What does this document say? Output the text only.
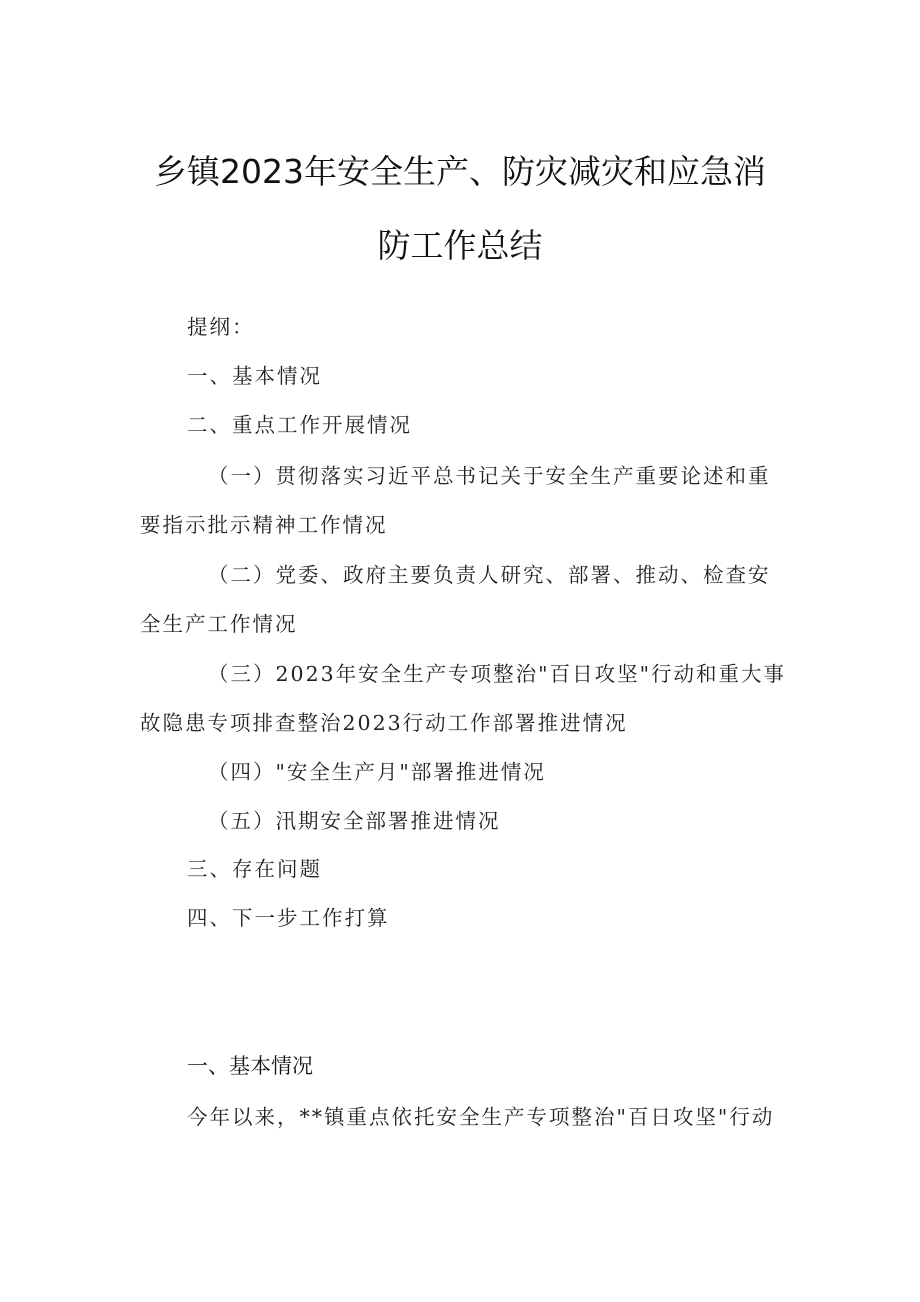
乡镇2023年安全生产、防灾减灾和应急消
防工作总结
提纲：
一、基本情况
二、重点工作开展情况
（一）贯彻落实习近平总书记关于安全生产重要论述和重
要指示批示精神工作情况
（二）党委、政府主要负责人研究、部署、推动、检查安
全生产工作情况
（三）2023年安全生产专项整治"百日攻坚"行动和重大事
故隐患专项排查整治2023行动工作部署推进情况
（四）"安全生产月"部署推进情况
（五）汛期安全部署推进情况
三、存在问题
四、下一步工作打算
一、基本情况
今年以来，**镇重点依托安全生产专项整治"百日攻坚"行动
